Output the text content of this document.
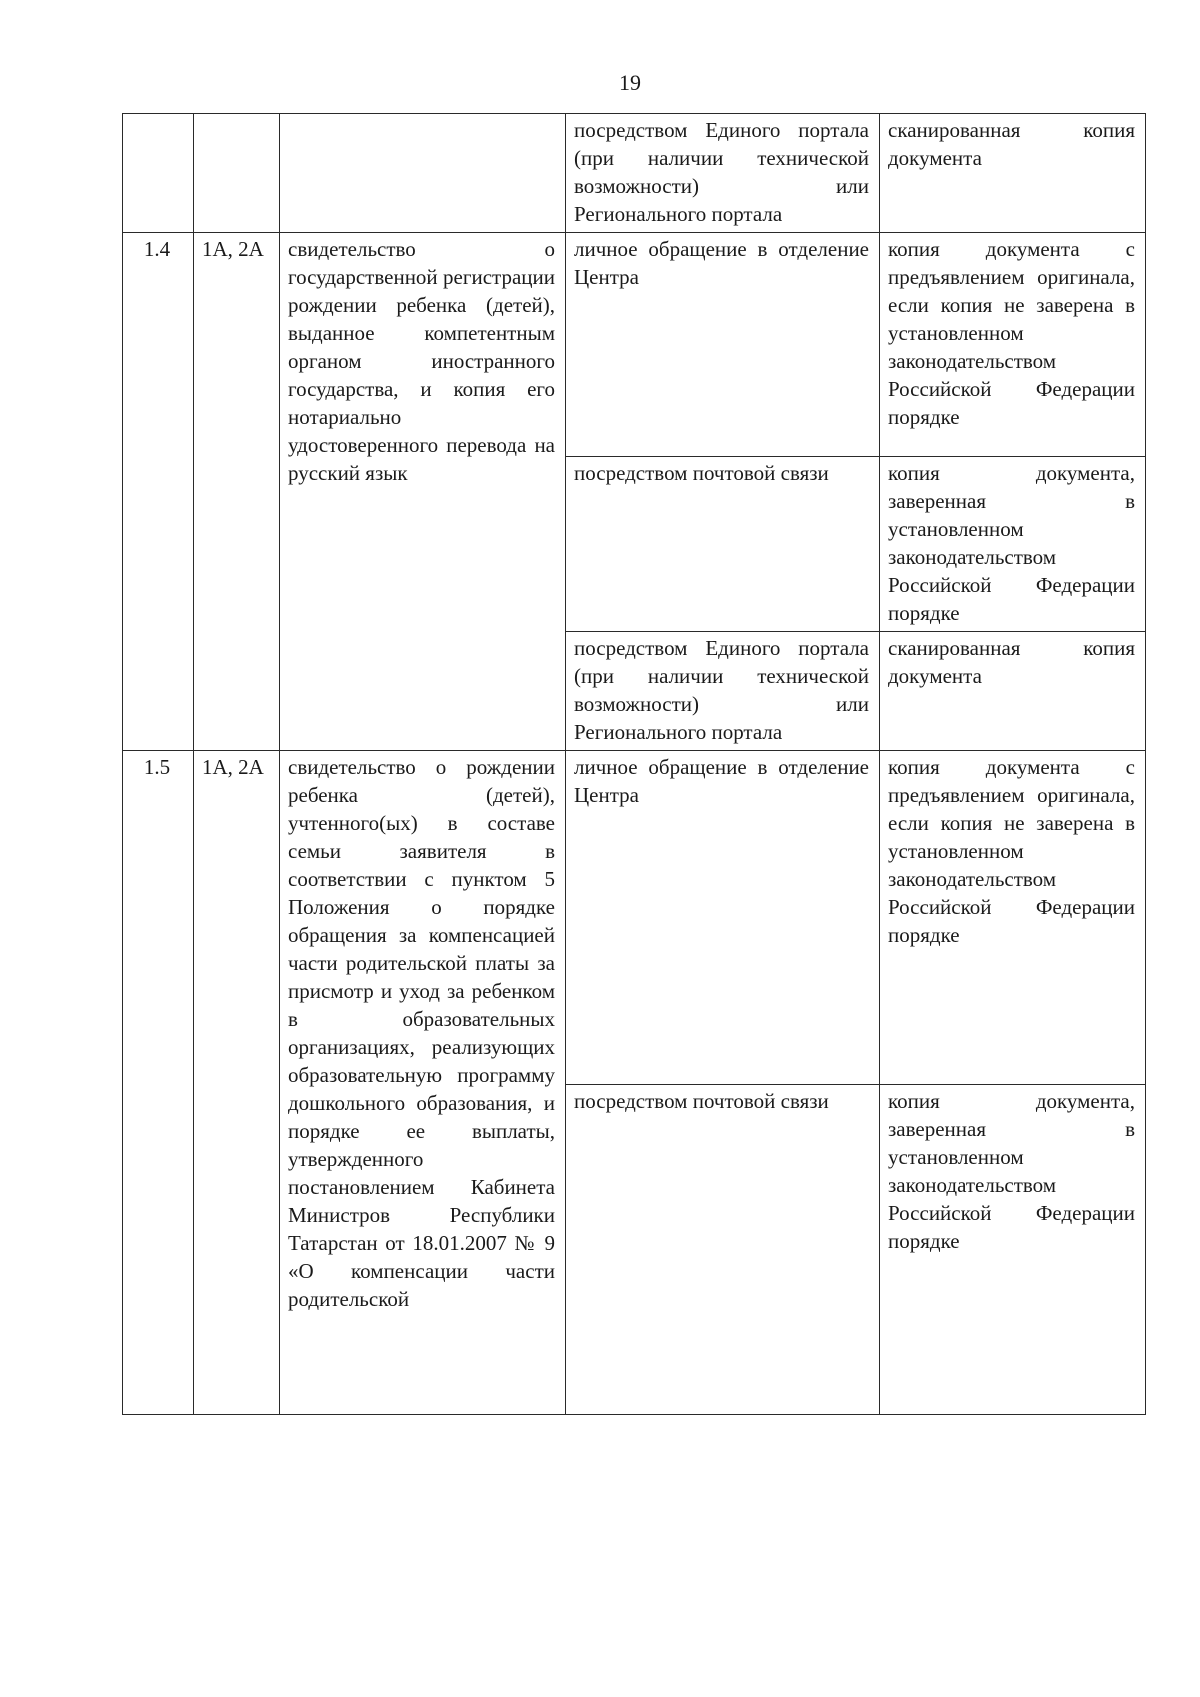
19
			посредством Единого портала (при наличии технической возможности) или Регионального портала	сканированная копия документа
1.4	1А, 2А	свидетельство о государственной регистрации рождении ребенка (детей), выданное компетентным органом иностранного государства, и копия его нотариально удостоверенного перевода на русский язык	личное обращение в отделение Центра	копия документа с предъявлением оригинала, если копия не заверена в установленном законодательством Российской Федерации порядке
			посредством почтовой связи	копия документа, заверенная в установленном законодательством Российской Федерации порядке
			посредством Единого портала (при наличии технической возможности) или Регионального портала	сканированная копия документа
1.5	1А, 2А	свидетельство о рождении ребенка (детей), учтенного(ых) в составе семьи заявителя в соответствии с пунктом 5 Положения о порядке обращения за компенсацией части родительской платы за присмотр и уход за ребенком в образовательных организациях, реализующих образовательную программу дошкольного образования, и порядке ее выплаты, утвержденного постановлением Кабинета Министров Республики Татарстан от 18.01.2007 № 9 «О компенсации части родительской	личное обращение в отделение Центра	копия документа с предъявлением оригинала, если копия не заверена в установленном законодательством Российской Федерации порядке
			посредством почтовой связи	копия документа, заверенная в установленном законодательством Российской Федерации порядке
